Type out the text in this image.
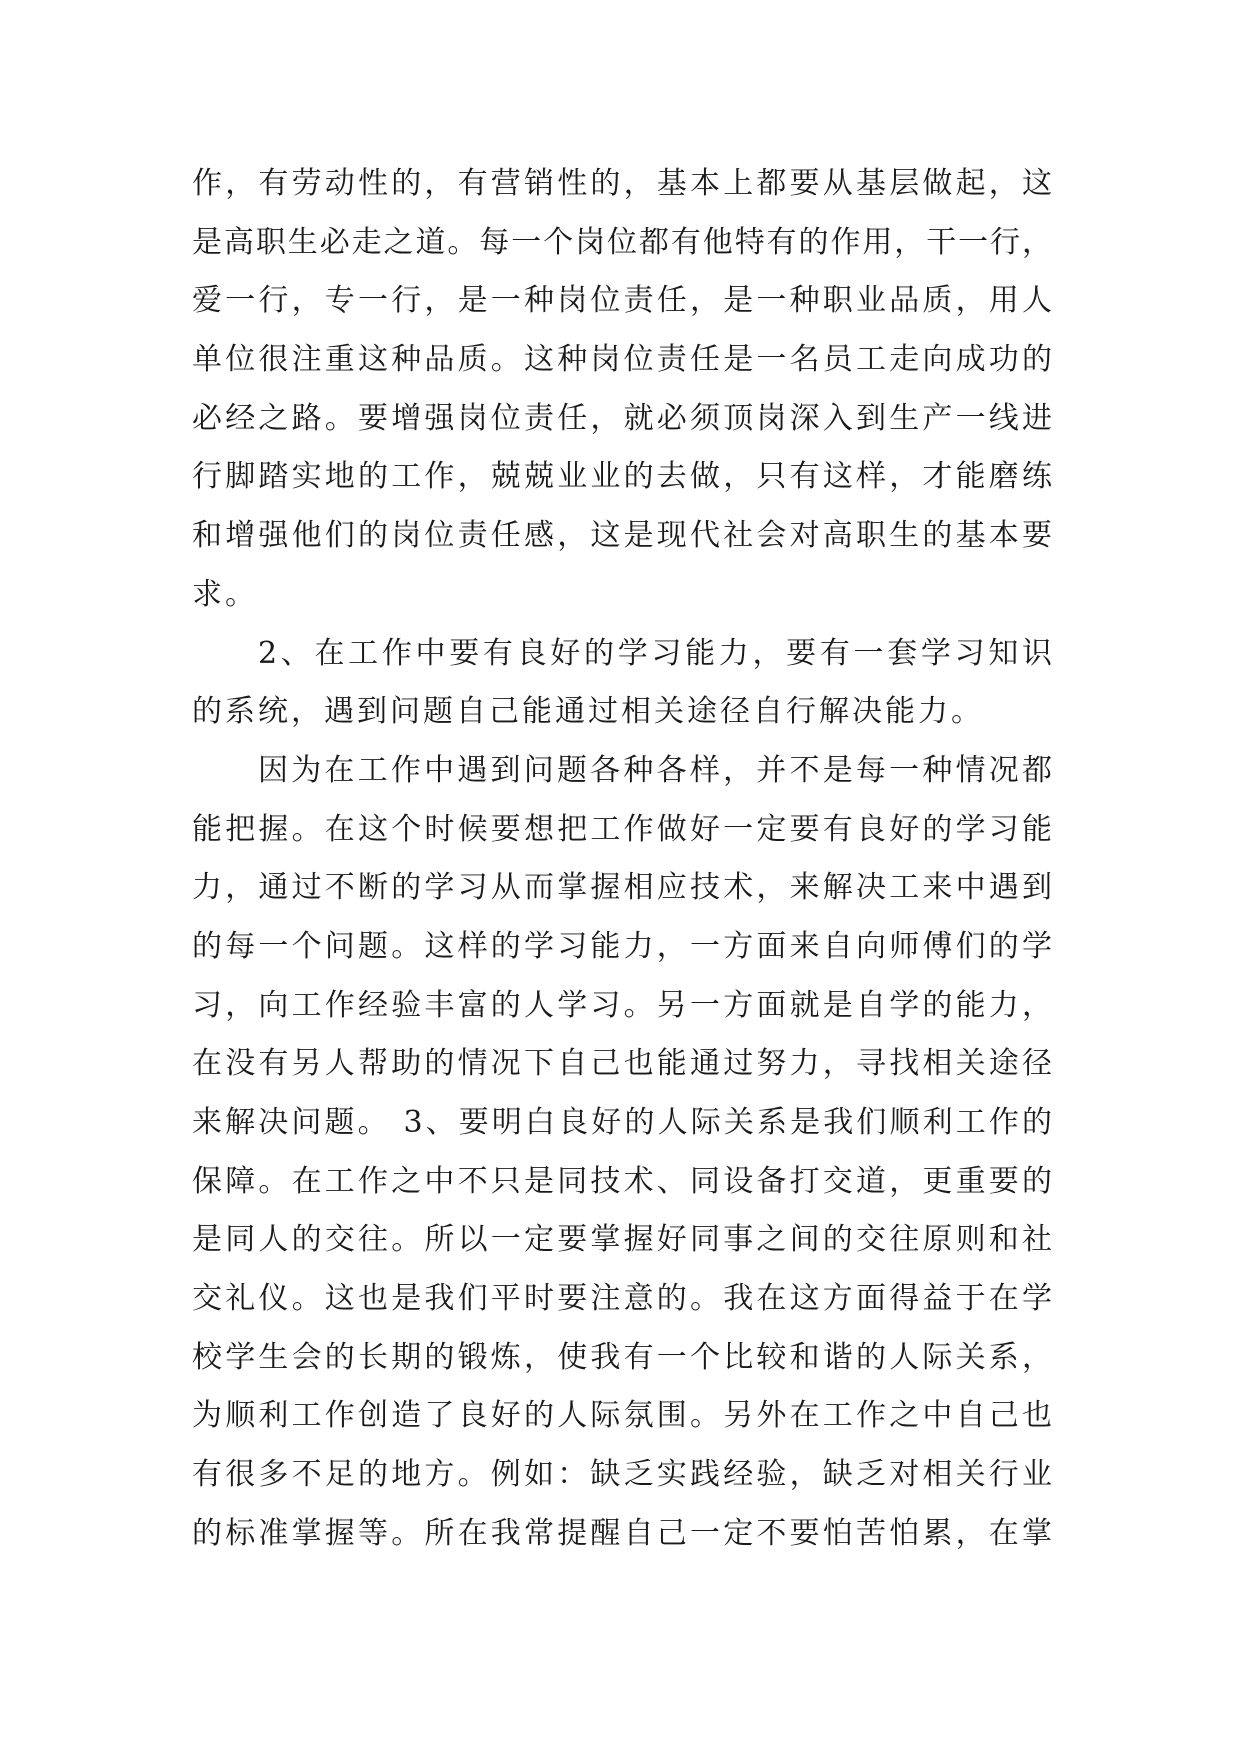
作，有劳动性的，有营销性的，基本上都要从基层做起，这
是高职生必走之道。每一个岗位都有他特有的作用，干一行，
爱一行，专一行，是一种岗位责任，是一种职业品质，用人
单位很注重这种品质。这种岗位责任是一名员工走向成功的
必经之路。要增强岗位责任，就必须顶岗深入到生产一线进
行脚踏实地的工作，兢兢业业的去做，只有这样，才能磨练
和增强他们的岗位责任感，这是现代社会对高职生的基本要
求。
2、在工作中要有良好的学习能力，要有一套学习知识
的系统，遇到问题自己能通过相关途径自行解决能力。
因为在工作中遇到问题各种各样，并不是每一种情况都
能把握。在这个时候要想把工作做好一定要有良好的学习能
力，通过不断的学习从而掌握相应技术，来解决工来中遇到
的每一个问题。这样的学习能力，一方面来自向师傅们的学
习，向工作经验丰富的人学习。另一方面就是自学的能力，
在没有另人帮助的情况下自己也能通过努力，寻找相关途径
来解决问题。 3、要明白良好的人际关系是我们顺利工作的
保障。在工作之中不只是同技术、同设备打交道，更重要的
是同人的交往。所以一定要掌握好同事之间的交往原则和社
交礼仪。这也是我们平时要注意的。我在这方面得益于在学
校学生会的长期的锻炼，使我有一个比较和谐的人际关系，
为顺利工作创造了良好的人际氛围。另外在工作之中自己也
有很多不足的地方。例如：缺乏实践经验，缺乏对相关行业
的标准掌握等。所在我常提醒自己一定不要怕苦怕累，在掌
